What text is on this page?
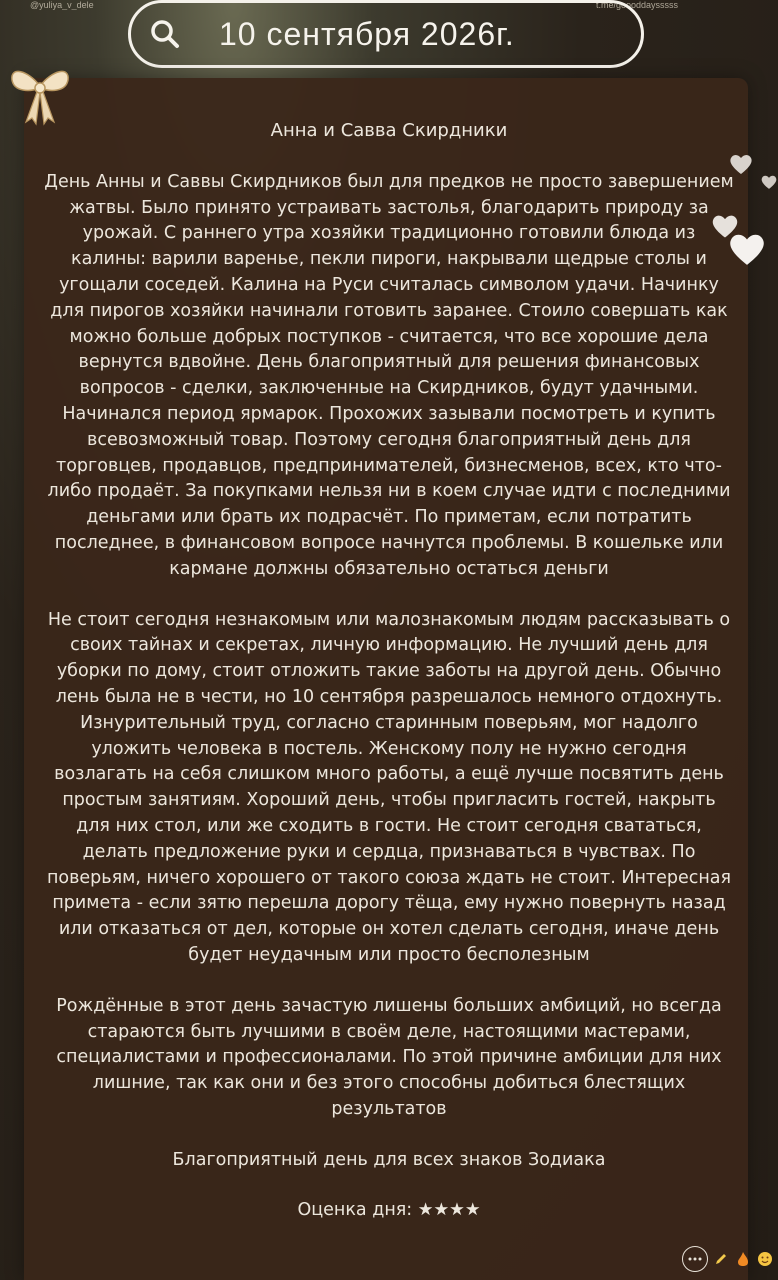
@yuliya_v_dele	t.me/goooddaysssss
10 сентября 2026г.
Анна и Савва Скирдники

День Анны и Саввы Скирдников был для предков не просто завершением жатвы. Было принято устраивать застолья, благодарить природу за урожай. С раннего утра хозяйки традиционно готовили блюда из калины: варили варенье, пекли пироги, накрывали щедрые столы и угощали соседей. Калина на Руси считалась символом удачи. Начинку для пирогов хозяйки начинали готовить заранее. Стоило совершать как можно больше добрых поступков - считается, что все хорошие дела вернутся вдвойне. День благоприятный для решения финансовых вопросов - сделки, заключенные на Скирдников, будут удачными. Начинался период ярмарок. Прохожих зазывали посмотреть и купить всевозможный товар. Поэтому сегодня благоприятный день для торговцев, продавцов, предпринимателей, бизнесменов, всех, кто что-либо продаёт. За покупками нельзя ни в коем случае идти с последними деньгами или брать их подрасчёт. По приметам, если потратить последнее, в финансовом вопросе начнутся проблемы. В кошельке или кармане должны обязательно остаться деньги

Не стоит сегодня незнакомым или малознакомым людям рассказывать о своих тайнах и секретах, личную информацию. Не лучший день для уборки по дому, стоит отложить такие заботы на другой день. Обычно лень была не в чести, но 10 сентября разрешалось немного отдохнуть. Изнурительный труд, согласно старинным поверьям, мог надолго уложить человека в постель. Женскому полу не нужно сегодня возлагать на себя слишком много работы, а ещё лучше посвятить день простым занятиям. Хороший день, чтобы пригласить гостей, накрыть для них стол, или же сходить в гости. Не стоит сегодня свататься, делать предложение руки и сердца, признаваться в чувствах. По поверьям, ничего хорошего от такого союза ждать не стоит. Интересная примета - если зятю перешла дорогу тёща, ему нужно повернуть назад или отказаться от дел, которые он хотел сделать сегодня, иначе день будет неудачным или просто бесполезным

Рождённые в этот день зачастую лишены больших амбиций, но всегда стараются быть лучшими в своём деле, настоящими мастерами, специалистами и профессионалами. По этой причине амбиции для них лишние, так как они и без этого способны добиться блестящих результатов

Благоприятный день для всех знаков Зодиака

Оценка дня: ★★★★
